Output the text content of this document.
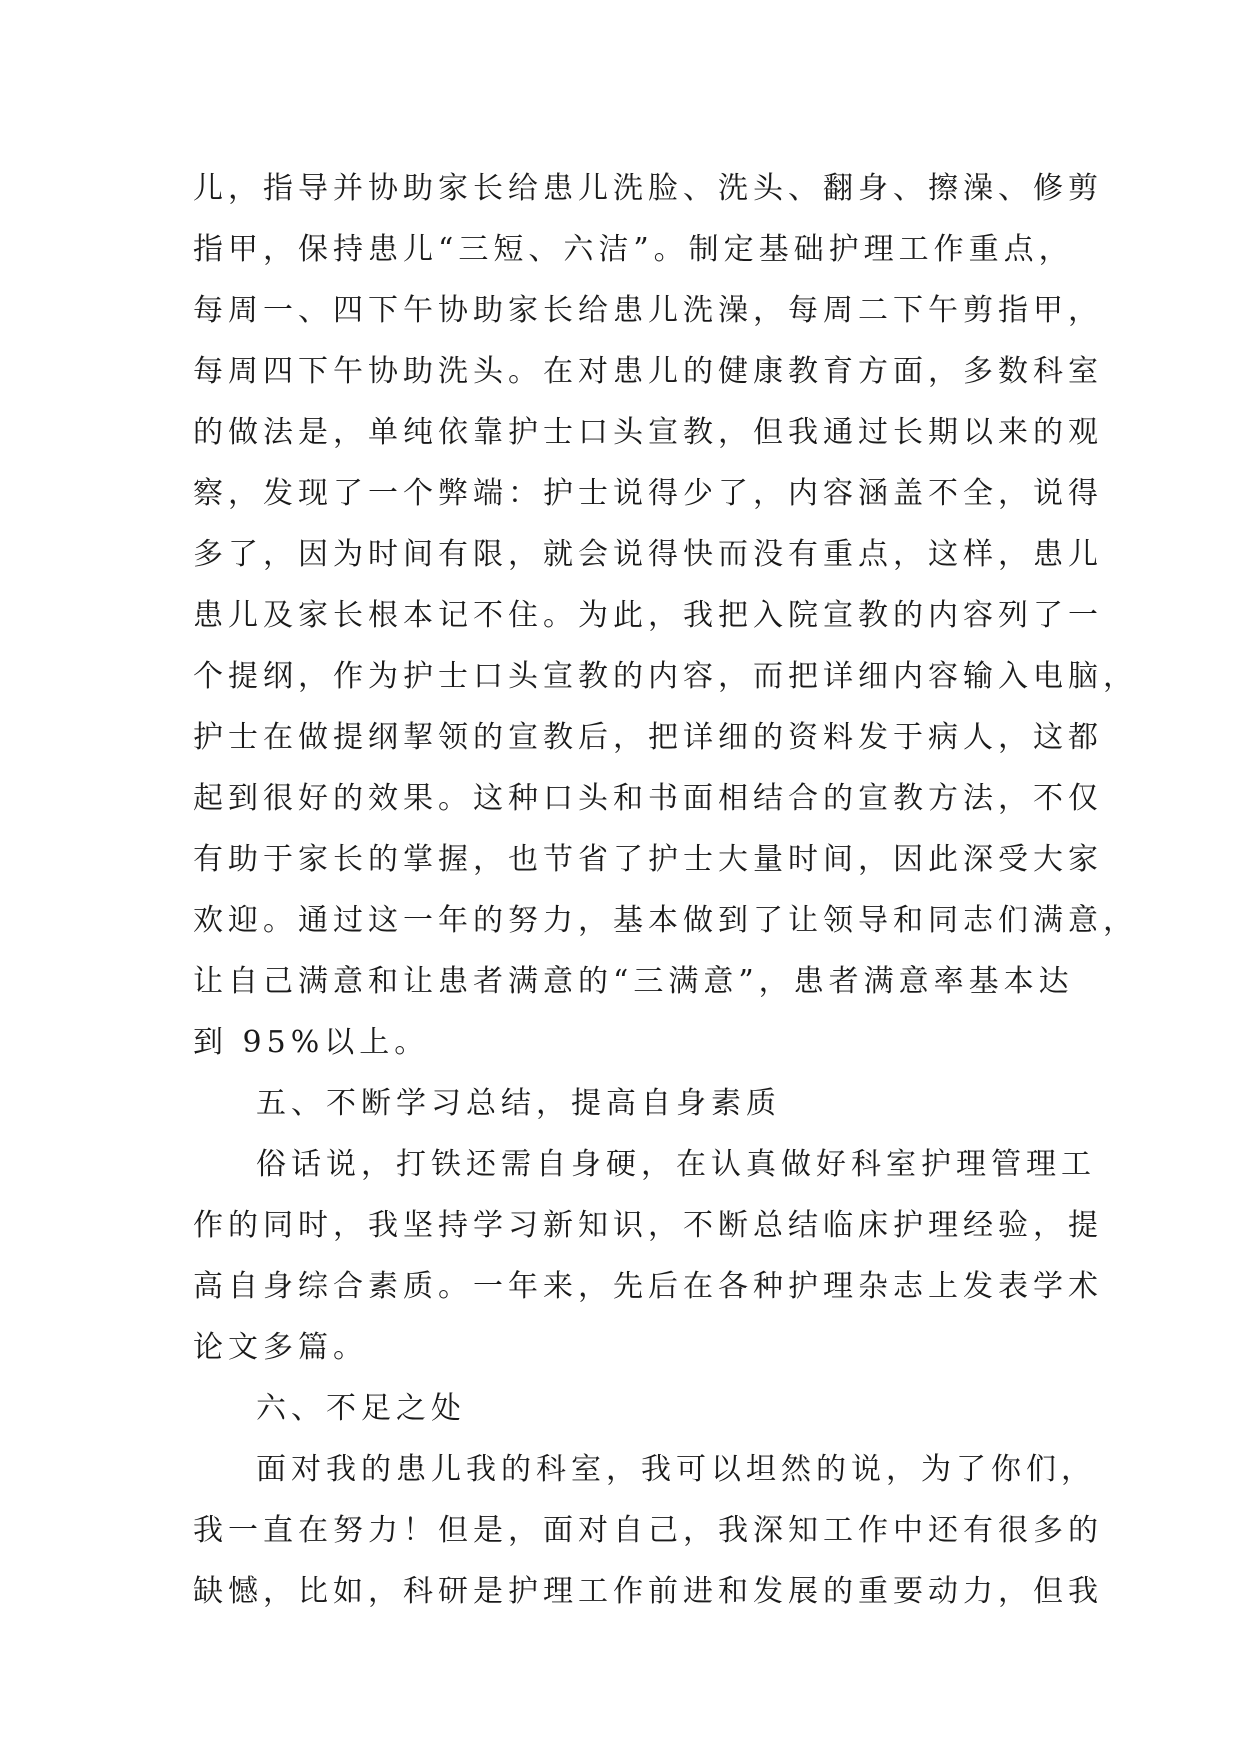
儿，指导并协助家长给患儿洗脸、洗头、翻身、擦澡、修剪
指甲，保持患儿“三短、六洁”。制定基础护理工作重点，
每周一、四下午协助家长给患儿洗澡，每周二下午剪指甲，
每周四下午协助洗头。在对患儿的健康教育方面，多数科室
的做法是，单纯依靠护士口头宣教，但我通过长期以来的观
察，发现了一个弊端：护士说得少了，内容涵盖不全，说得
多了，因为时间有限，就会说得快而没有重点，这样，患儿
患儿及家长根本记不住。为此，我把入院宣教的内容列了一
个提纲，作为护士口头宣教的内容，而把详细内容输入电脑，
护士在做提纲挈领的宣教后，把详细的资料发于病人，这都
起到很好的效果。这种口头和书面相结合的宣教方法，不仅
有助于家长的掌握，也节省了护士大量时间，因此深受大家
欢迎。通过这一年的努力，基本做到了让领导和同志们满意，
让自己满意和让患者满意的“三满意”，患者满意率基本达
到 95%以上。
五、不断学习总结，提高自身素质
俗话说，打铁还需自身硬，在认真做好科室护理管理工
作的同时，我坚持学习新知识，不断总结临床护理经验，提
高自身综合素质。一年来，先后在各种护理杂志上发表学术
论文多篇。
六、不足之处
面对我的患儿我的科室，我可以坦然的说，为了你们，
我一直在努力！但是，面对自己，我深知工作中还有很多的
缺憾，比如，科研是护理工作前进和发展的重要动力，但我
